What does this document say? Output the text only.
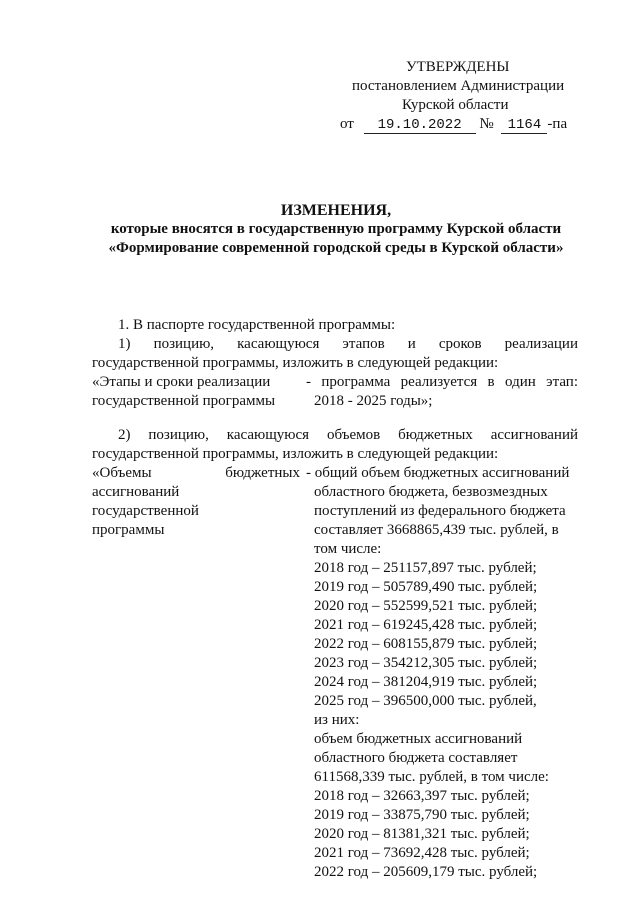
УТВЕРЖДЕНЫ
постановлением Администрации
Курской области
от 19.10.2022 № 1164 -па
ИЗМЕНЕНИЯ,
которые вносятся в государственную программу Курской области
«Формирование современной городской среды в Курской области»
1. В паспорте государственной программы:
1) позицию, касающуюся этапов и сроков реализации
государственной программы, изложить в следующей редакции:
«Этапы и сроки реализации
государственной программы
- программа реализуется в один этап:
2018 - 2025 годы»;
2) позицию, касающуюся объемов бюджетных ассигнований
государственной программы, изложить в следующей редакции:
«Объемы бюджетных
ассигнований
государственной
программы
- общий объем бюджетных ассигнований
областного бюджета, безвозмездных
поступлений из федерального бюджета
составляет 3668865,439 тыс. рублей, в
том числе:
2018 год – 251157,897 тыс. рублей;
2019 год – 505789,490 тыс. рублей;
2020 год – 552599,521 тыс. рублей;
2021 год – 619245,428 тыс. рублей;
2022 год – 608155,879 тыс. рублей;
2023 год – 354212,305 тыс. рублей;
2024 год – 381204,919 тыс. рублей;
2025 год – 396500,000 тыс. рублей,
из них:
объем бюджетных ассигнований
областного бюджета составляет
611568,339 тыс. рублей, в том числе:
2018 год – 32663,397 тыс. рублей;
2019 год – 33875,790 тыс. рублей;
2020 год – 81381,321 тыс. рублей;
2021 год – 73692,428 тыс. рублей;
2022 год – 205609,179 тыс. рублей;
